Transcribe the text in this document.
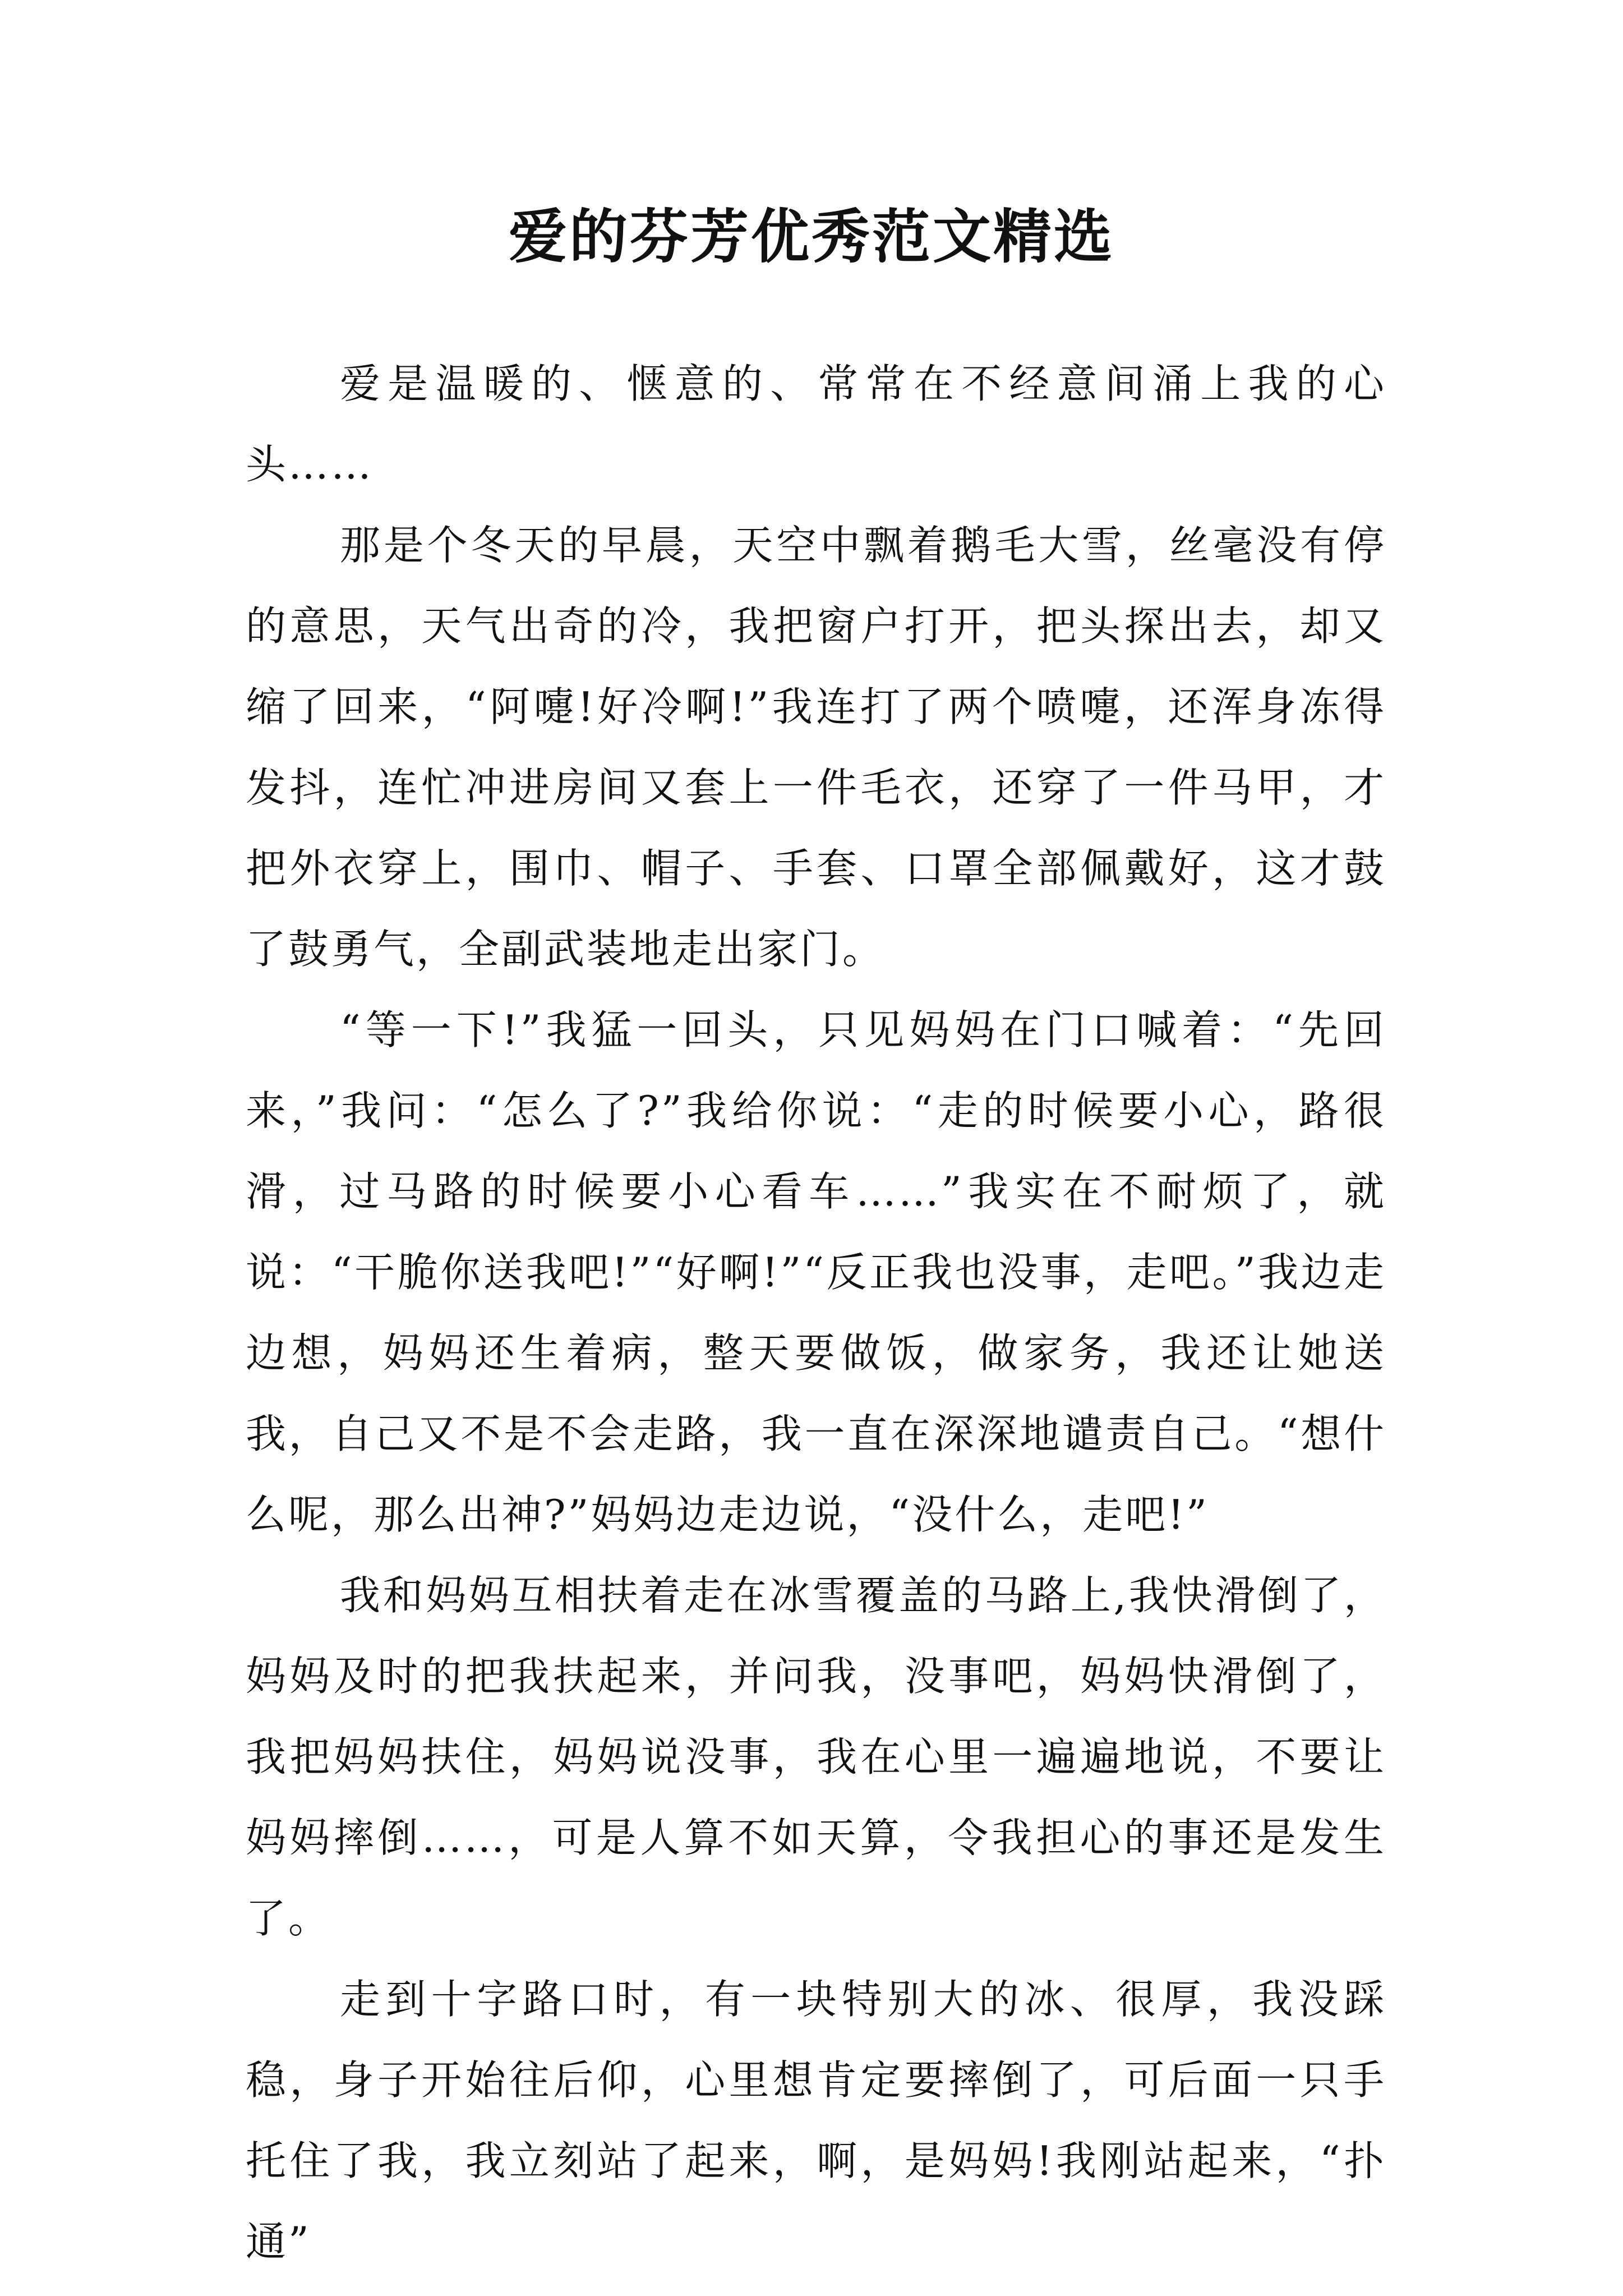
爱的芬芳优秀范文精选

爱是温暖的、惬意的、常常在不经意间涌上我的心头……

那是个冬天的早晨，天空中飘着鹅毛大雪，丝毫没有停的意思，天气出奇的冷，我把窗户打开，把头探出去，却又缩了回来，“阿嚏!好冷啊!”我连打了两个喷嚏，还浑身冻得发抖，连忙冲进房间又套上一件毛衣，还穿了一件马甲，才把外衣穿上，围巾、帽子、手套、口罩全部佩戴好，这才鼓了鼓勇气，全副武装地走出家门。

“等一下!”我猛一回头，只见妈妈在门口喊着：“先回来，”我问：“怎么了?”我给你说：“走的时候要小心，路很滑，过马路的时候要小心看车……”我实在不耐烦了，就说：“干脆你送我吧!”“好啊!”“反正我也没事，走吧。”我边走边想，妈妈还生着病，整天要做饭，做家务，我还让她送我，自己又不是不会走路，我一直在深深地谴责自己。“想什么呢，那么出神?”妈妈边走边说，“没什么，走吧!”

我和妈妈互相扶着走在冰雪覆盖的马路上,我快滑倒了，妈妈及时的把我扶起来，并问我，没事吧，妈妈快滑倒了，我把妈妈扶住，妈妈说没事，我在心里一遍遍地说，不要让妈妈摔倒……，可是人算不如天算，令我担心的事还是发生了。

走到十字路口时，有一块特别大的冰、很厚，我没踩稳，身子开始往后仰，心里想肯定要摔倒了，可后面一只手托住了我，我立刻站了起来，啊，是妈妈!我刚站起来，“扑通”
